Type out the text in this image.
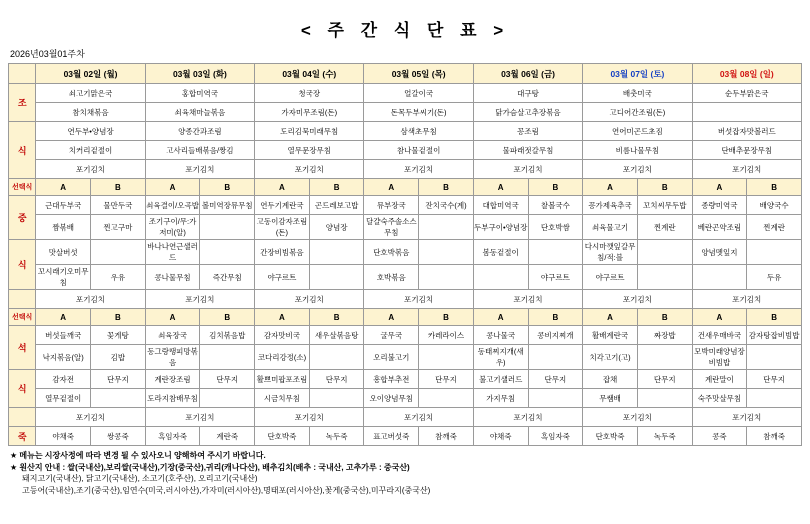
< 주 간 식 단 표 >
2026년03월01주차
	03월 02일 (월)		03월 03일 (화)		03월 04일 (수)		03월 05일 (목)		03월 06일 (금)		03월 07일 (토)		03월 08일 (일)	
조	쇠고기맑은국		홍합미역국		청국장		얼갈이국		대구탕		배춧미국		순두부맑은국	
	참치채볶음		쇠육채마늘볶음		가자미무조림(돈)		돈목두부씨기(돈)		닭가슴살고추장볶음		고디어간조림(돈)			
식	연두부•양념장		양종간과조림		도리김묵미래무침		삼색초무침		꽁조림		연어미곤드초짐		버섯잡자맛볼러드	
	치커리겉절이		고사리들배볶음/짱김		열무문장무침		참나물겉절이		물파래젓갈무침		비름나물무침		단배추문장무침	
	포기김치		포기김치		포기김치		포기김치		포기김치		포기김치		포기김치	
선택식	A	B	A	B	A	B	A	B	A	B	A	B	A	B
중	근대두부국	물만두국	쇠육결이/오곡밥	볼미역장뮤무침	연두기계란국	곤드레보고밥	뮤부장국	잔치국수(계)	대합미역국	찰볼국수	꽁가제육추국	꼬치씨무두밥	종량미역국	배양국수
	짬볶배	찐고구마	조기구이/무:가저미(알)		고동이감자조림(돈)	양념장	달걀숙주솔소스무침		두부구이•양념장	단호박쌈	쇠육물고기	찐계란	베란곤약조림	찐계란
식	맛살버섯		바나나연근샐러드		간장비빔볶음		단호박볶음		봄동겉절이		다시마깻잎갈무침/적:블		양념멧잎지	
	꼬시래기오미무침	우유	콩나물무침	즉간무침	야구르트		호박볶음			야구르트	야구르트			두유
	포기김치		포기김치		포기김치		포기김치		포기김치		포기김치		포기김치	
선택식	A	B	A	B	A	B	A	B	A	B	A	B	A	B
석	버섯들깨국	꽃게탕	쇠육장국	김치볶음밥	감자맛비국	새우살볶음탕	굴무국	카레라이스	콩나물국	콩비지찌개	활배계란국	짜장밥	건새우매바국	감자탕잡비빔밥
	낙지볶음(알)	김밥	동그랑땡피망볶음		코다리강정(소)		오리불고기		동태찌지개(새우)		치각고기(고)		모박미래양념장비빔밥	
식	감자전	단무지	계란장조림	단무지	활쁘미팝포조림	단무지	흥합부추전	단무지	불고기샐러드	단무지	잡채	단무지	계란말이	단무지
	열무겉절이		도라지참배무침		시금치무침		오이양념무침		가지무침		무쌤배		숙주맛살무침	
	포기김치		포기김치		포기김치		포기김치		포기김치		포기김치		포기김치	
죽	야채죽	쌍콩죽	흑임자죽	계란죽	단호박죽	녹두죽	표고버섯죽	참깨죽	야채죽	흑임자죽	단호박죽	녹두죽	콩죽	참깨죽
★ 메뉴는 시장사정에 따라 변경 될 수 있사오니 양해하여 주시기 바랍니다.
★ 원산지 안내 : 쌀(국내산),보리쌀(국내산),기장(중국산),귀리(캐나다산), 배추김치(배추 : 국내산, 고추가루 : 중국산)
돼지고기(국내산), 닭고기(국내산), 소고기(호주산), 오리고기(국내산)
고등어(국내산),조기(중국산),임연수(미국,러시아산),가자미(러시아산),명태포(러시아산),꽃게(중국산),미꾸라지(중국산)
